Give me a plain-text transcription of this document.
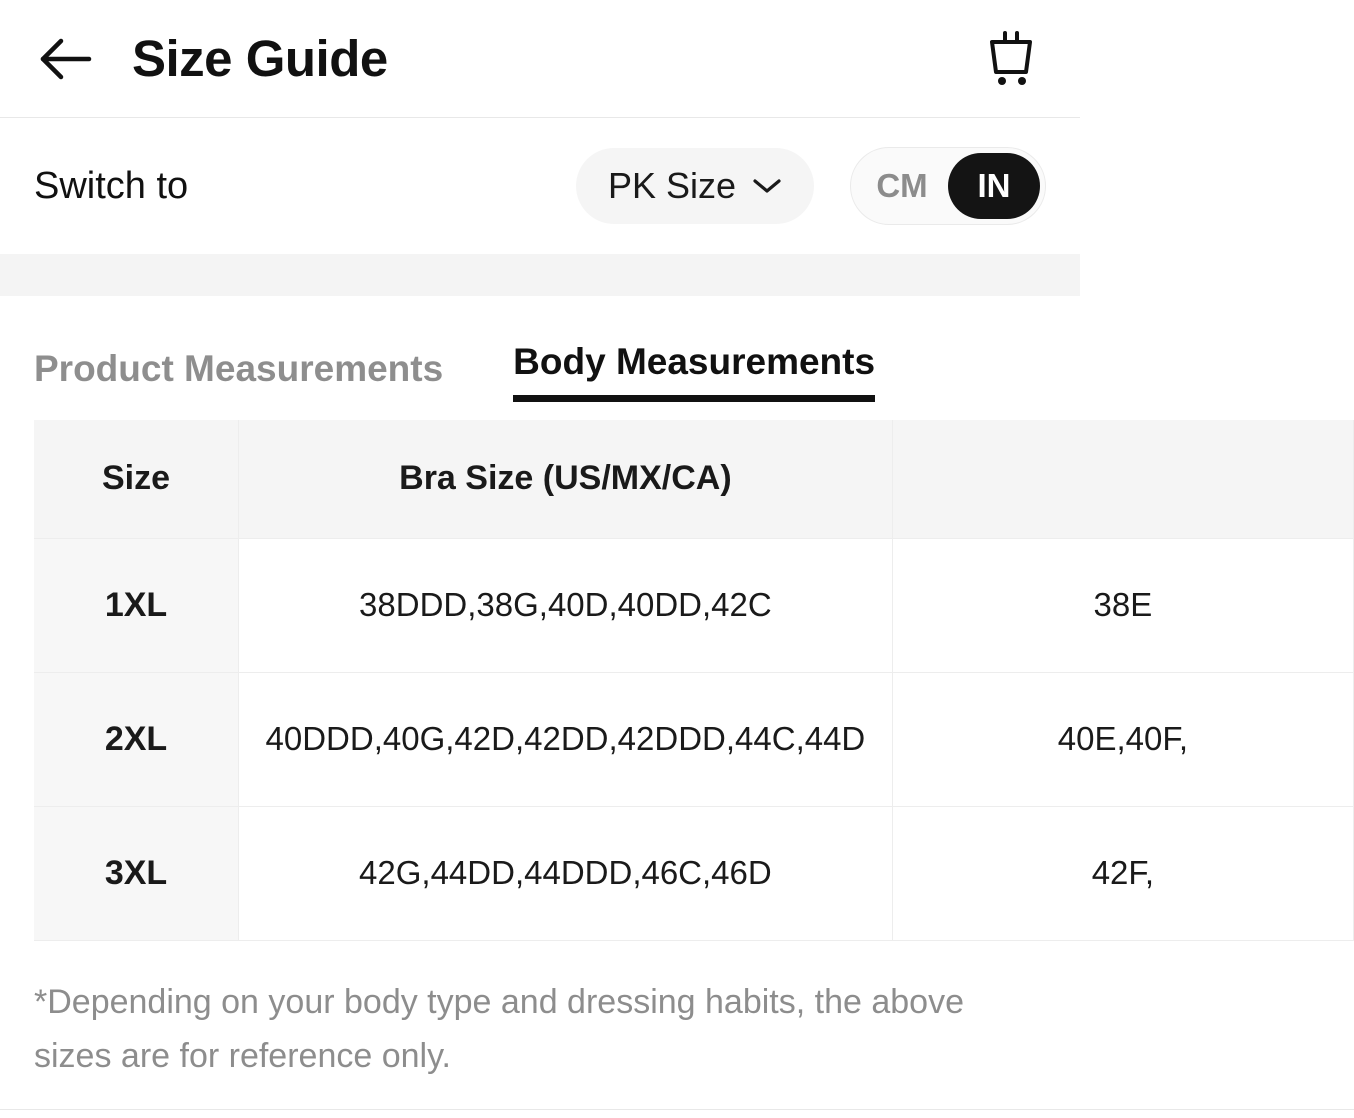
Size Guide
Switch to	PK Size	CM	IN
Product Measurements Body Measurements
Size	Bra Size (US/MX/CA)	
1XL	38DDD,38G,40D,40DD,42C	38E
2XL	40DDD,40G,42D,42DD,42DDD,44C,44D	40E,40F,
3XL	42G,44DD,44DDD,46C,46D	42F,
*Depending on your body type and dressing habits, the above sizes are for reference only.
